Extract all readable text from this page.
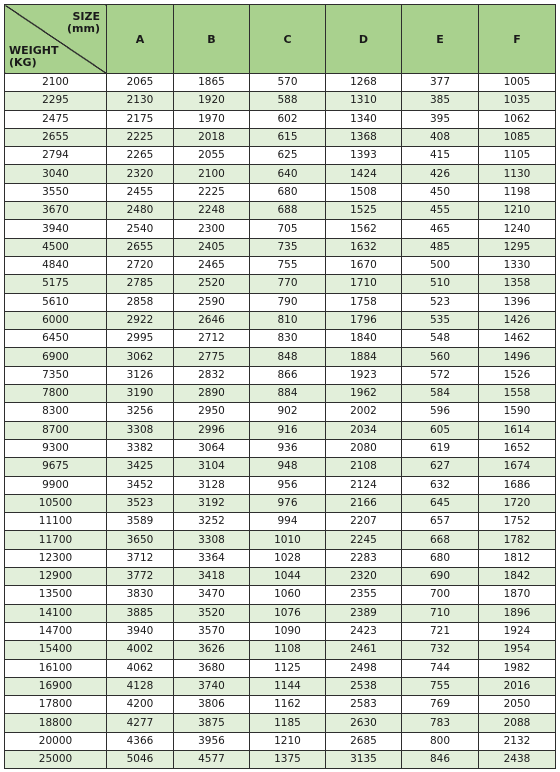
SIZE
(mm)
WEIGHT
(KG)	A	B	C	D	E	F
2100	2065	1865	570	1268	377	1005
2295	2130	1920	588	1310	385	1035
2475	2175	1970	602	1340	395	1062
2655	2225	2018	615	1368	408	1085
2794	2265	2055	625	1393	415	1105
3040	2320	2100	640	1424	426	1130
3550	2455	2225	680	1508	450	1198
3670	2480	2248	688	1525	455	1210
3940	2540	2300	705	1562	465	1240
4500	2655	2405	735	1632	485	1295
4840	2720	2465	755	1670	500	1330
5175	2785	2520	770	1710	510	1358
5610	2858	2590	790	1758	523	1396
6000	2922	2646	810	1796	535	1426
6450	2995	2712	830	1840	548	1462
6900	3062	2775	848	1884	560	1496
7350	3126	2832	866	1923	572	1526
7800	3190	2890	884	1962	584	1558
8300	3256	2950	902	2002	596	1590
8700	3308	2996	916	2034	605	1614
9300	3382	3064	936	2080	619	1652
9675	3425	3104	948	2108	627	1674
9900	3452	3128	956	2124	632	1686
10500	3523	3192	976	2166	645	1720
11100	3589	3252	994	2207	657	1752
11700	3650	3308	1010	2245	668	1782
12300	3712	3364	1028	2283	680	1812
12900	3772	3418	1044	2320	690	1842
13500	3830	3470	1060	2355	700	1870
14100	3885	3520	1076	2389	710	1896
14700	3940	3570	1090	2423	721	1924
15400	4002	3626	1108	2461	732	1954
16100	4062	3680	1125	2498	744	1982
16900	4128	3740	1144	2538	755	2016
17800	4200	3806	1162	2583	769	2050
18800	4277	3875	1185	2630	783	2088
20000	4366	3956	1210	2685	800	2132
25000	5046	4577	1375	3135	846	2438
